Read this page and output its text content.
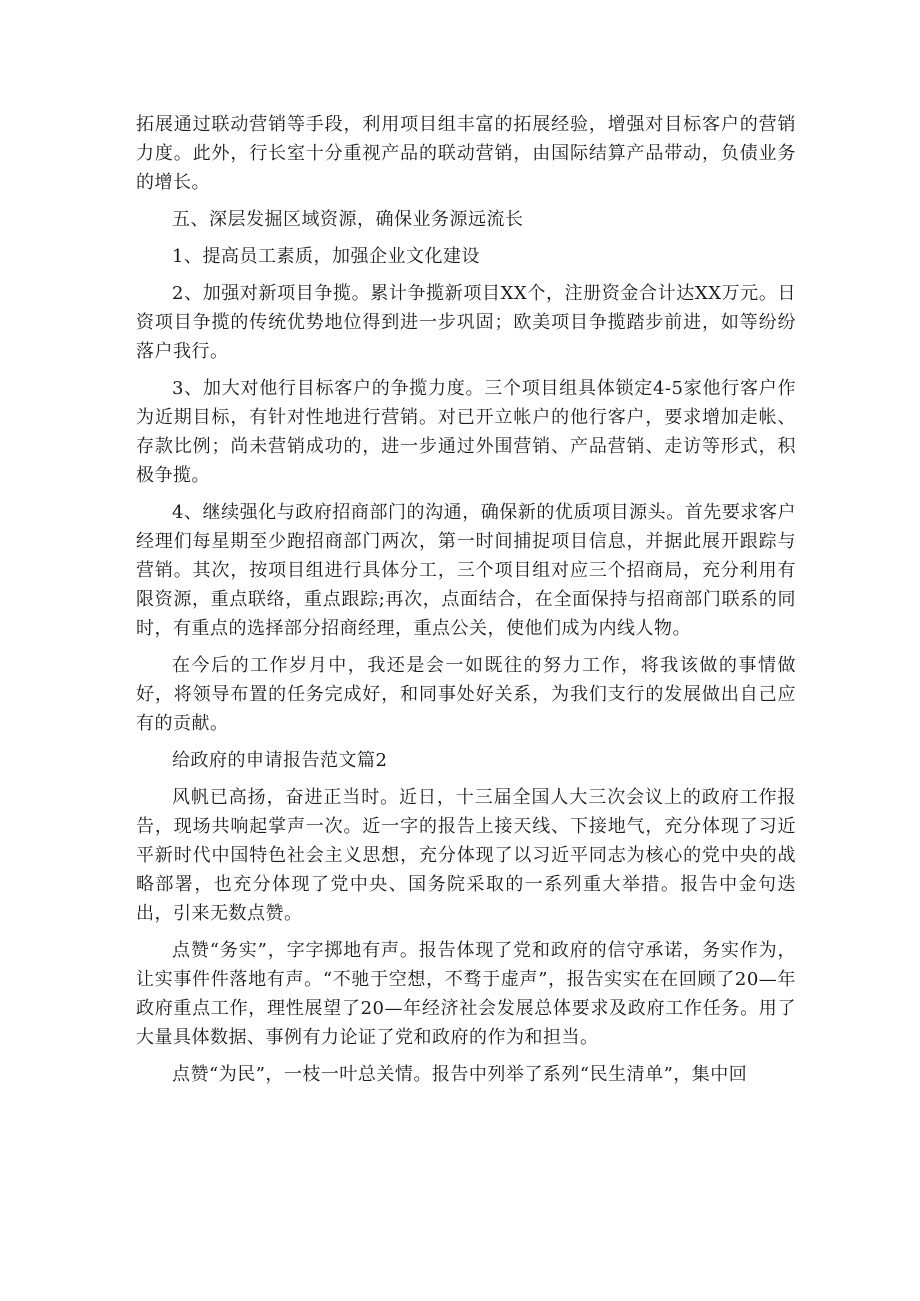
拓展通过联动营销等手段，利用项目组丰富的拓展经验，增强对目标客户的营销力度。此外，行长室十分重视产品的联动营销，由国际结算产品带动，负债业务的增长。

五、深层发掘区域资源，确保业务源远流长

1、提高员工素质，加强企业文化建设

2、加强对新项目争揽。累计争揽新项目XX个，注册资金合计达XX万元。日资项目争揽的传统优势地位得到进一步巩固；欧美项目争揽踏步前进，如等纷纷落户我行。

3、加大对他行目标客户的争揽力度。三个项目组具体锁定4-5家他行客户作为近期目标，有针对性地进行营销。对已开立帐户的他行客户，要求增加走帐、存款比例；尚未营销成功的，进一步通过外围营销、产品营销、走访等形式，积极争揽。

4、继续强化与政府招商部门的沟通，确保新的优质项目源头。首先要求客户经理们每星期至少跑招商部门两次，第一时间捕捉项目信息，并据此展开跟踪与营销。其次，按项目组进行具体分工，三个项目组对应三个招商局，充分利用有限资源，重点联络，重点跟踪;再次，点面结合，在全面保持与招商部门联系的同时，有重点的选择部分招商经理，重点公关，使他们成为内线人物。

在今后的工作岁月中，我还是会一如既往的努力工作，将我该做的事情做好，将领导布置的任务完成好，和同事处好关系，为我们支行的发展做出自己应有的贡献。

给政府的申请报告范文篇2

风帆已高扬，奋进正当时。近日，十三届全国人大三次会议上的政府工作报告，现场共响起掌声一次。近一字的报告上接天线、下接地气，充分体现了习近平新时代中国特色社会主义思想，充分体现了以习近平同志为核心的党中央的战略部署，也充分体现了党中央、国务院采取的一系列重大举措。报告中金句迭出，引来无数点赞。

点赞“务实”，字字掷地有声。报告体现了党和政府的信守承诺，务实作为，让实事件件落地有声。“不驰于空想，不骛于虚声”，报告实实在在回顾了20—年政府重点工作，理性展望了20—年经济社会发展总体要求及政府工作任务。用了大量具体数据、事例有力论证了党和政府的作为和担当。

点赞“为民”，一枝一叶总关情。报告中列举了系列“民生清单”，集中回
